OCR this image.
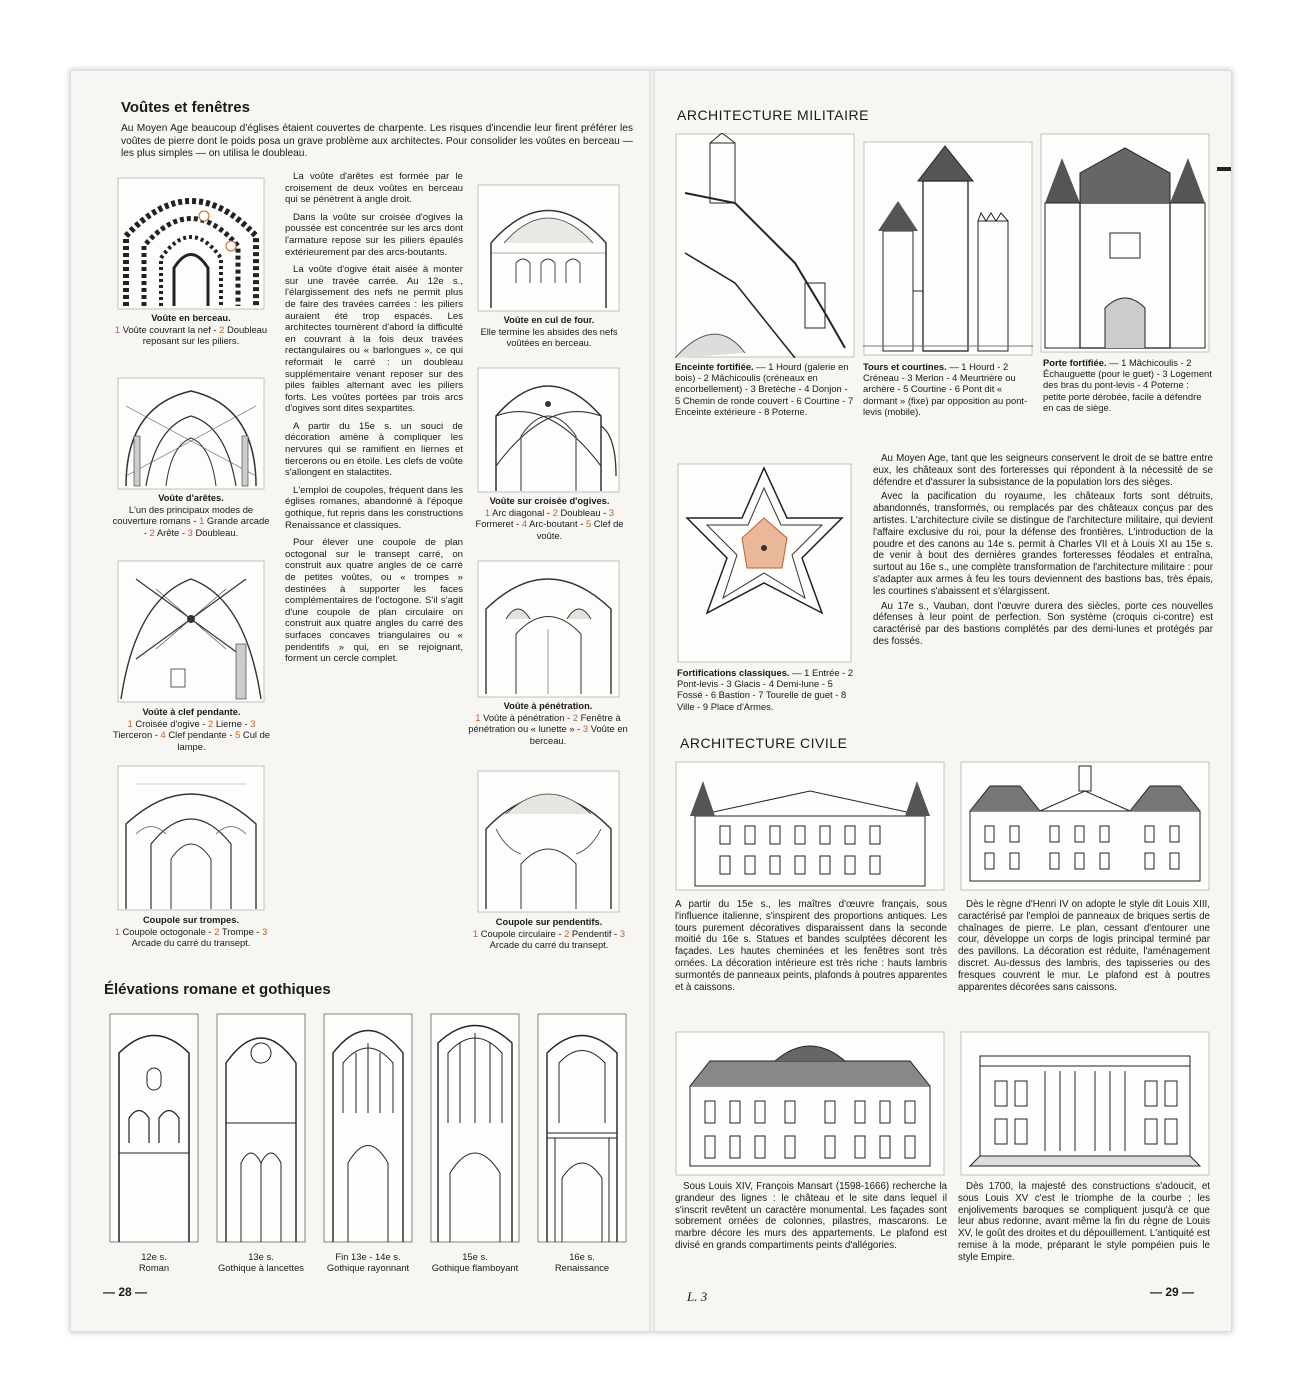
Voûtes et fenêtres

Au Moyen Age beaucoup d'églises étaient couvertes de charpente. Les risques d'incendie leur firent préférer les voûtes de pierre dont le poids posa un grave problème aux architectes. Pour consolider les voûtes en berceau — les plus simples — on utilisa le doubleau.

Voûte en berceau.
1 Voûte couvrant la nef - 2 Doubleau reposant sur les piliers.
Voûte d'arêtes.
L'un des principaux modes de couverture romans - 1 Grande arcade - 2 Arête - 3 Doubleau.
Voûte à clef pendante.
1 Croisée d'ogive - 2 Lierne - 3 Tierceron - 4 Clef pendante - 5 Cul de lampe.
Coupole sur trompes.
1 Coupole octogonale - 2 Trompe - 3 Arcade du carré du transept.

La voûte d'arêtes est formée par le croisement de deux voûtes en berceau qui se pénètrent à angle droit.

Dans la voûte sur croisée d'ogives la poussée est concentrée sur les arcs dont l'armature repose sur les piliers épaulés extérieurement par des arcs-boutants.

La voûte d'ogive était aisée à monter sur une travée carrée. Au 12e s., l'élargissement des nefs ne permit plus de faire des travées carrées : les piliers auraient été trop espacés. Les architectes tournèrent d'abord la difficulté en couvrant à la fois deux travées rectangulaires ou « barlongues », ce qui reformait le carré : un doubleau supplémentaire venant reposer sur des piles faibles alternant avec les piliers forts. Les voûtes portées par trois arcs d'ogives sont dites sexpartites.

A partir du 15e s. un souci de décoration amène à compliquer les nervures qui se ramifient en liernes et tiercerons ou en étoile. Les clefs de voûte s'allongent en stalactites.

L'emploi de coupoles, fréquent dans les églises romanes, abandonné à l'époque gothique, fut repris dans les constructions Renaissance et classiques.

Pour élever une coupole de plan octogonal sur le transept carré, on construit aux quatre angles de ce carré de petites voûtes, ou « trompes » destinées à supporter les faces complémentaires de l'octogone. S'il s'agit d'une coupole de plan circulaire on construit aux quatre angles du carré des surfaces concaves triangulaires ou « pendentifs » qui, en se rejoignant, forment un cercle complet.

Voûte en cul de four.
Elle termine les absides des nefs voûtées en berceau.
Voûte sur croisée d'ogives.
1 Arc diagonal - 2 Doubleau - 3 Formeret - 4 Arc-boutant - 5 Clef de voûte.
Voûte à pénétration.
1 Voûte à pénétration - 2 Fenêtre à pénétration ou « lunette » - 3 Voûte en berceau.
Coupole sur pendentifs.
1 Coupole circulaire - 2 Pendentif - 3 Arcade du carré du transept.
Élévations romane et gothiques
12e s.
Roman
13e s.
Gothique à lancettes
Fin 13e - 14e s.
Gothique rayonnant
15e s.
Gothique flamboyant
16e s.
Renaissance
— 28 —
ARCHITECTURE MILITAIRE
Enceinte fortifiée. — 1 Hourd (galerie en bois) - 2 Mâchicoulis (créneaux en encorbellement) - 3 Bretèche - 4 Donjon - 5 Chemin de ronde couvert - 6 Courtine - 7 Enceinte extérieure - 8 Poterne.
Tours et courtines. — 1 Hourd - 2 Créneau - 3 Merlon - 4 Meurtrière ou archère - 5 Courtine - 6 Pont dit « dormant » (fixe) par opposition au pont-levis (mobile).
Porte fortifiée. — 1 Mâchicoulis - 2 Échauguette (pour le guet) - 3 Logement des bras du pont-levis - 4 Poterne : petite porte dérobée, facile à défendre en cas de siège.
Fortifications classiques. — 1 Entrée - 2 Pont-levis - 3 Glacis - 4 Demi-lune - 5 Fossé - 6 Bastion - 7 Tourelle de guet - 8 Ville - 9 Place d'Armes.

Au Moyen Age, tant que les seigneurs conservent le droit de se battre entre eux, les châteaux sont des forteresses qui répondent à la nécessité de se défendre et d'assurer la subsistance de la population lors des sièges.

Avec la pacification du royaume, les châteaux forts sont détruits, abandonnés, transformés, ou remplacés par des châteaux conçus par des artistes. L'architecture civile se distingue de l'architecture militaire, qui devient l'affaire exclusive du roi, pour la défense des frontières. L'introduction de la poudre et des canons au 14e s. permit à Charles VII et à Louis XI au 15e s. de venir à bout des dernières grandes forteresses féodales et entraîna, surtout au 16e s., une complète transformation de l'architecture militaire : pour s'adapter aux armes à feu les tours deviennent des bastions bas, très épais, les courtines s'abaissent et s'élargissent.

Au 17e s., Vauban, dont l'œuvre durera des siècles, porte ces nouvelles défenses à leur point de perfection. Son système (croquis ci-contre) est caractérisé par des bastions complétés par des demi-lunes et protégés par des fossés.

ARCHITECTURE CIVILE

A partir du 15e s., les maîtres d'œuvre français, sous l'influence italienne, s'inspirent des proportions antiques. Les tours purement décoratives disparaissent dans la seconde moitié du 16e s. Statues et bandes sculptées décorent les façades. Les hautes cheminées et les fenêtres sont très ornées. La décoration intérieure est très riche : hauts lambris surmontés de panneaux peints, plafonds à poutres apparentes et à caissons.

Dès le règne d'Henri IV on adopte le style dit Louis XIII, caractérisé par l'emploi de panneaux de briques sertis de chaînages de pierre. Le plan, cessant d'entourer une cour, développe un corps de logis principal terminé par des pavillons. La décoration est réduite, l'aménagement discret. Au-dessus des lambris, des tapisseries ou des fresques couvrent le mur. Le plafond est à poutres apparentes décorées sans caissons.

Sous Louis XIV, François Mansart (1598-1666) recherche la grandeur des lignes : le château et le site dans lequel il s'inscrit revêtent un caractère monumental. Les façades sont sobrement ornées de colonnes, pilastres, mascarons. Le marbre décore les murs des appartements. Le plafond est divisé en grands compartiments peints d'allégories.

Dès 1700, la majesté des constructions s'adoucit, et sous Louis XV c'est le triomphe de la courbe ; les enjolivements baroques se compliquent jusqu'à ce que leur abus redonne, avant même la fin du règne de Louis XV, le goût des droites et du dépouillement. L'antiquité est remise à la mode, préparant le style pompéien puis le style Empire.

L. 3	— 29 —
